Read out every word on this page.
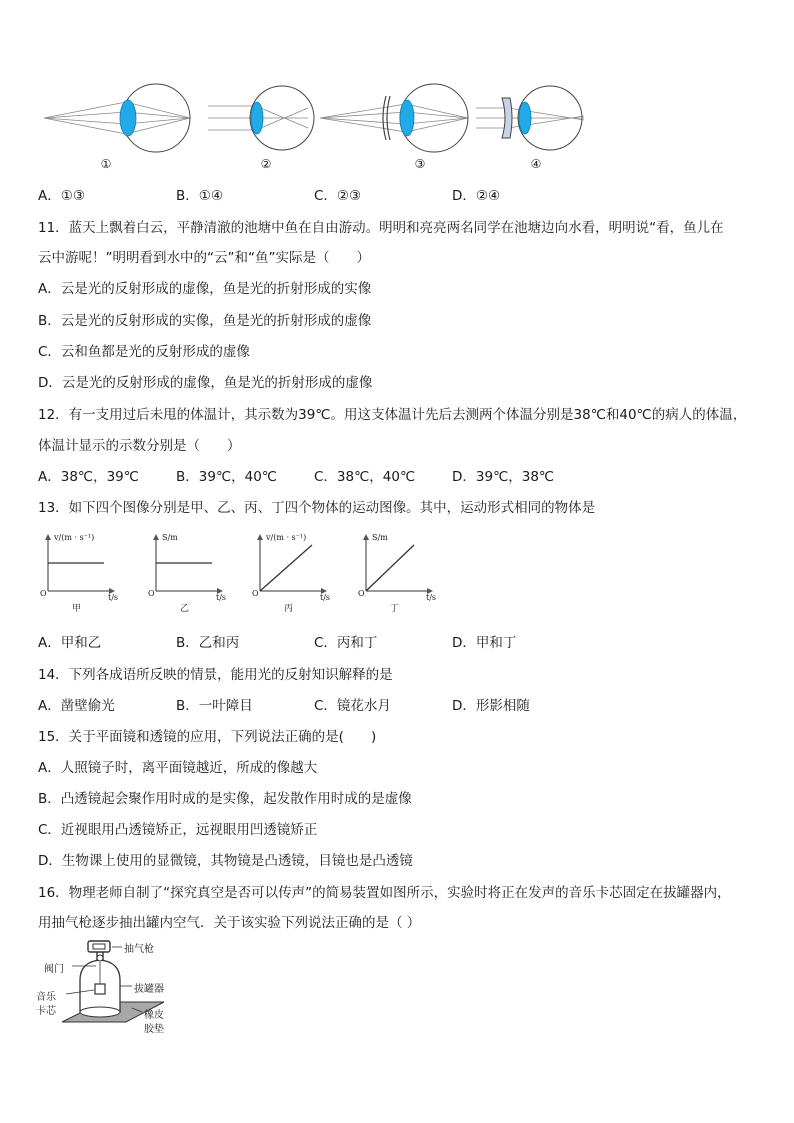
①	②	③	④
A．①③	B．①④	C．②③	D．②④
11．蓝天上飘着白云，平静清澈的池塘中鱼在自由游动。明明和亮亮两名同学在池塘边向水看，明明说“看，鱼儿在
云中游呢！”明明看到水中的“云”和“鱼”实际是（　　）
A．云是光的反射形成的虚像，鱼是光的折射形成的实像
B．云是光的反射形成的实像，鱼是光的折射形成的虚像
C．云和鱼都是光的反射形成的虚像
D．云是光的反射形成的虚像，鱼是光的折射形成的虚像
12．有一支用过后未甩的体温计，其示数为39℃。用这支体温计先后去测两个体温分别是38℃和40℃的病人的体温，
体温计显示的示数分别是（　　）
A．38℃，39℃	B．39℃，40℃	C．38℃，40℃	D．39℃，38℃
13．如下四个图像分别是甲、乙、丙、丁四个物体的运动图像。其中，运动形式相同的物体是
v/(m · s⁻¹)
O	t/s
甲
S/m
O	t/s
乙
v/(m · s⁻¹)
O	t/s
丙
S/m
O	t/s
丁
A．甲和乙	B．乙和丙	C．丙和丁	D．甲和丁
14．下列各成语所反映的情景，能用光的反射知识解释的是
A．凿壁偷光	B．一叶障目	C．镜花水月	D．形影相随
15．关于平面镜和透镜的应用，下列说法正确的是(　　)
A．人照镜子时，离平面镜越近，所成的像越大
B．凸透镜起会聚作用时成的是实像，起发散作用时成的是虚像
C．近视眼用凸透镜矫正，远视眼用凹透镜矫正
D．生物课上使用的显微镜，其物镜是凸透镜，目镜也是凸透镜
16．物理老师自制了“探究真空是否可以传声”的简易装置如图所示，实验时将正在发声的音乐卡芯固定在拔罐器内，
用抽气枪逐步抽出罐内空气．关于该实验下列说法正确的是（ ）
抽气枪
阀门
拔罐器
音乐
卡芯	橡皮
胶垫
